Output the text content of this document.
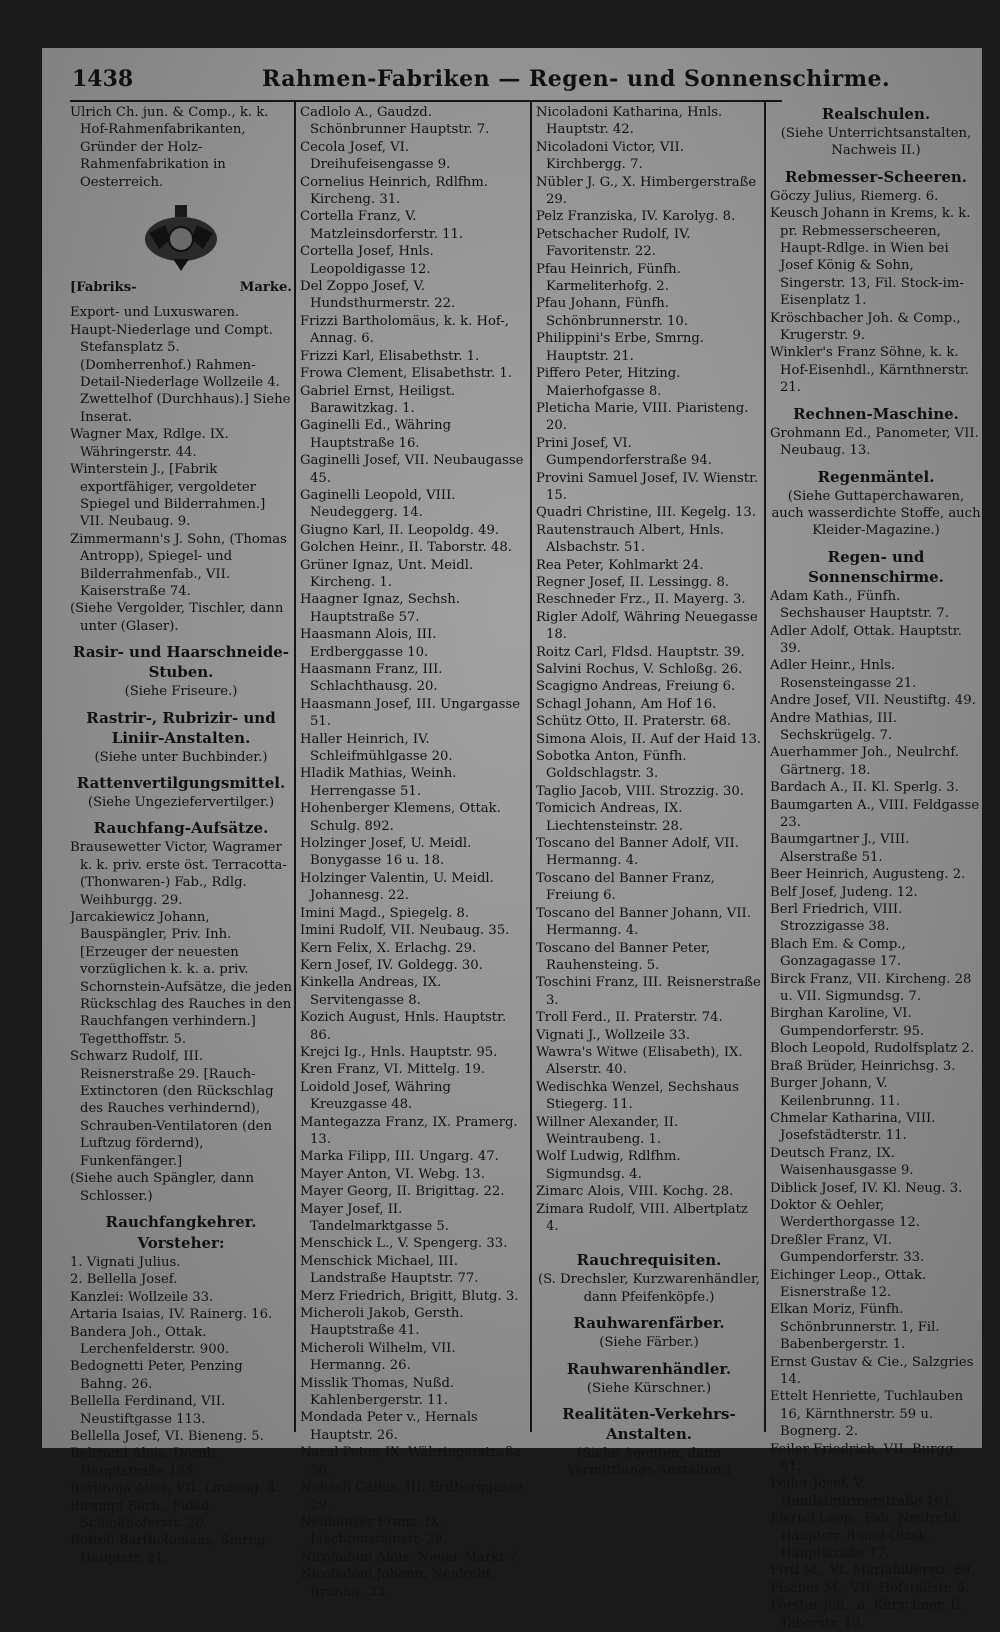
1438	Rahmen-Fabriken — Regen- und Sonnenschirme.

Ulrich Ch. jun. & Comp., k. k. Hof-Rahmenfabrikanten, Gründer der Holz-Rahmenfabrikation in Oesterreich.

[Fabriks-	Marke.

Export- und Luxuswaren.

Haupt-Niederlage und Compt. Stefansplatz 5. (Domherrenhof.) Rahmen-Detail-Niederlage Wollzeile 4. Zwettelhof (Durchhaus).] Siehe Inserat.

Wagner Max, Rdlge. IX. Währingerstr. 44.

Winterstein J., [Fabrik exportfähiger, vergoldeter Spiegel und Bilderrahmen.] VII. Neubaug. 9.

Zimmermann's J. Sohn, (Thomas Antropp), Spiegel- und Bilderrahmenfab., VII. Kaiserstraße 74.

(Siehe Vergolder, Tischler, dann unter (Glaser).

Rasir- und Haarschneide-Stuben.
(Siehe Friseure.)
Rastrir-, Rubrizir- und Liniir-Anstalten.
(Siehe unter Buchbinder.)
Rattenvertilgungsmittel.
(Siehe Ungeziefervertilger.)
Rauchfang-Aufsätze.

Brausewetter Victor, Wagramer k. k. priv. erste öst. Terracotta-(Thonwaren-) Fab., Rdlg. Weihburgg. 29.

Jarcakiewicz Johann, Bauspängler, Priv. Inh. [Erzeuger der neuesten vorzüglichen k. k. a. priv. Schornstein-Aufsätze, die jeden Rückschlag des Rauches in den Rauchfangen verhindern.] Tegetthoffstr. 5.

Schwarz Rudolf, III. Reisnerstraße 29. [Rauch-Extinctoren (den Rückschlag des Rauches verhindernd), Schrauben-Ventilatoren (den Luftzug fördernd), Funkenfänger.]

(Siehe auch Spängler, dann Schlosser.)

Rauchfangkehrer.
Vorsteher:

1. Vignati Julius.

2. Bellella Josef.

Kanzlei: Wollzeile 33.

Artaria Isaias, IV. Rainerg. 16.

Bandera Joh., Ottak. Lerchenfelderstr. 900.

Bedognetti Peter, Penzing Bahng. 26.

Bellella Ferdinand, VII. Neustiftgasse 113.

Bellella Josef, VI. Bieneng. 5.

Beltrami Alois, Dornb. Hauptstraße 135.

Berlinoja Alois, VII. Lindeng. 4.

Birampi Barb., Fldsd. Schloßhoferstr. 20.

Bottoli Bartholomäus, Smrng. Hauptstr. 21.

Cadlolo A., Gaudzd. Schönbrunner Hauptstr. 7.

Cecola Josef, VI. Dreihufeisengasse 9.

Cornelius Heinrich, Rdlfhm. Kircheng. 31.

Cortella Franz, V. Matzleinsdorferstr. 11.

Cortella Josef, Hnls. Leopoldigasse 12.

Del Zoppo Josef, V. Hundsthurmerstr. 22.

Frizzi Bartholomäus, k. k. Hof-, Annag. 6.

Frizzi Karl, Elisabethstr. 1.

Frowa Clement, Elisabethstr. 1.

Gabriel Ernst, Heiligst. Barawitzkag. 1.

Gaginelli Ed., Währing Hauptstraße 16.

Gaginelli Josef, VII. Neubaugasse 45.

Gaginelli Leopold, VIII. Neudeggerg. 14.

Giugno Karl, II. Leopoldg. 49.

Golchen Heinr., II. Taborstr. 48.

Grüner Ignaz, Unt. Meidl. Kircheng. 1.

Haagner Ignaz, Sechsh. Hauptstraße 57.

Haasmann Alois, III. Erdberggasse 10.

Haasmann Franz, III. Schlachthausg. 20.

Haasmann Josef, III. Ungargasse 51.

Haller Heinrich, IV. Schleifmühlgasse 20.

Hladik Mathias, Weinh. Herrengasse 51.

Hohenberger Klemens, Ottak. Schulg. 892.

Holzinger Josef, U. Meidl. Bonygasse 16 u. 18.

Holzinger Valentin, U. Meidl. Johannesg. 22.

Imini Magd., Spiegelg. 8.

Imini Rudolf, VII. Neubaug. 35.

Kern Felix, X. Erlachg. 29.

Kern Josef, IV. Goldegg. 30.

Kinkella Andreas, IX. Servitengasse 8.

Kozich August, Hnls. Hauptstr. 86.

Krejci Ig., Hnls. Hauptstr. 95.

Kren Franz, VI. Mittelg. 19.

Loidold Josef, Währing Kreuzgasse 48.

Mantegazza Franz, IX. Pramerg. 13.

Marka Filipp, III. Ungarg. 47.

Mayer Anton, VI. Webg. 13.

Mayer Georg, II. Brigittag. 22.

Mayer Josef, II. Tandelmarktgasse 5.

Menschick L., V. Spengerg. 33.

Menschick Michael, III. Landstraße Hauptstr. 77.

Merz Friedrich, Brigitt, Blutg. 3.

Micheroli Jakob, Gersth. Hauptstraße 41.

Micheroli Wilhelm, VII. Hermanng. 26.

Misslik Thomas, Nußd. Kahlenbergerstr. 11.

Mondada Peter v., Hernals Hauptstr. 26.

Nazal Peter, IX. Währingerstraße 50.

Nehasil Gallus, III. Erdberggasse 29.

Neuhauser Franz, IX. Liechtensteinstr. 29.

Nicoladoni Alois, Neuer Markt 7.

Nicoladoni Johann, Neulrchf. Brunng. 33.

Nicoladoni Katharina, Hnls. Hauptstr. 42.

Nicoladoni Victor, VII. Kirchbergg. 7.

Nübler J. G., X. Himbergerstraße 29.

Pelz Franziska, IV. Karolyg. 8.

Petschacher Rudolf, IV. Favoritenstr. 22.

Pfau Heinrich, Fünfh. Karmeliterhofg. 2.

Pfau Johann, Fünfh. Schönbrunnerstr. 10.

Philippini's Erbe, Smrng. Hauptstr. 21.

Piffero Peter, Hitzing. Maierhofgasse 8.

Pletichа Marie, VIII. Piaristeng. 20.

Prini Josef, VI. Gumpendorferstraße 94.

Provini Samuel Josef, IV. Wienstr. 15.

Quadri Christine, III. Kegelg. 13.

Rautenstrauch Albert, Hnls. Alsbachstr. 51.

Rea Peter, Kohlmarkt 24.

Regner Josef, II. Lessingg. 8.

Reschneder Frz., II. Mayerg. 3.

Rigler Adolf, Währing Neuegasse 18.

Roitz Carl, Fldsd. Hauptstr. 39.

Salvini Rochus, V. Schloßg. 26.

Scagigno Andreas, Freiung 6.

Schagl Johann, Am Hof 16.

Schütz Otto, II. Praterstr. 68.

Simona Alois, II. Auf der Haid 13.

Sobotka Anton, Fünfh. Goldschlagstr. 3.

Taglio Jacob, VIII. Strozzig. 30.

Tomicich Andreas, IX. Liechtensteinstr. 28.

Toscano del Banner Adolf, VII. Hermanng. 4.

Toscano del Banner Franz, Freiung 6.

Toscano del Banner Johann, VII. Hermanng. 4.

Toscano del Banner Peter, Rauhensteing. 5.

Toschini Franz, III. Reisnerstraße 3.

Troll Ferd., II. Praterstr. 74.

Vignati J., Wollzeile 33.

Wawra's Witwe (Elisabeth), IX. Alserstr. 40.

Wedischka Wenzel, Sechshaus Stiegerg. 11.

Willner Alexander, II. Weintraubeng. 1.

Wolf Ludwig, Rdlfhm. Sigmundsg. 4.

Zimarc Alois, VIII. Kochg. 28.

Zimara Rudolf, VIII. Albertplatz 4.

Rauchrequisiten.
(S. Drechsler, Kurzwarenhändler, dann Pfeifenköpfe.)
Rauhwarenfärber.
(Siehe Färber.)
Rauhwarenhändler.
(Siehe Kürschner.)
Realitäten-Verkehrs-Anstalten.
(Siehe Agenten, dann Vermittlungs-Anstalten.)
Realschulen.
(Siehe Unterrichtsanstalten, Nachweis II.)
Rebmesser-Scheeren.

Göczy Julius, Riemerg. 6.

Keusch Johann in Krems, k. k. pr. Rebmesserscheeren, Haupt-Rdlge. in Wien bei Josef König & Sohn, Singerstr. 13, Fil. Stock-im-Eisenplatz 1.

Kröschbacher Joh. & Comp., Krugerstr. 9.

Winkler's Franz Söhne, k. k. Hof-Eisenhdl., Kärnthnerstr. 21.

Rechnen-Maschine.

Grohmann Ed., Panometer, VII. Neubaug. 13.

Regenmäntel.
(Siehe Guttaperchawaren, auch wasserdichte Stoffe, auch Kleider-Magazine.)
Regen- und Sonnenschirme.

Adam Kath., Fünfh. Sechshauser Hauptstr. 7.

Adler Adolf, Ottak. Hauptstr. 39.

Adler Heinr., Hnls. Rosensteingasse 21.

Andre Josef, VII. Neustiftg. 49.

Andre Mathias, III. Sechskrügelg. 7.

Auerhammer Joh., Neulrchf. Gärtnerg. 18.

Bardach A., II. Kl. Sperlg. 3.

Baumgarten A., VIII. Feldgasse 23.

Baumgartner J., VIII. Alserstraße 51.

Beer Heinrich, Augusteng. 2.

Belf Josef, Judeng. 12.

Berl Friedrich, VIII. Strozzigasse 38.

Blach Em. & Comp., Gonzagagasse 17.

Birck Franz, VII. Kircheng. 28 u. VII. Sigmundsg. 7.

Birghan Karoline, VI. Gumpendorferstr. 95.

Bloch Leopold, Rudolfsplatz 2.

Braß Brüder, Heinrichsg. 3.

Burger Johann, V. Keilenbrunng. 11.

Chmelar Katharina, VIII. Josefstädterstr. 11.

Deutsch Franz, IX. Waisenhausgasse 9.

Diblick Josef, IV. Kl. Neug. 3.

Doktor & Oehler, Werderthorgasse 12.

Dreßler Franz, VI. Gumpendorferstr. 33.

Eichinger Leop., Ottak. Eisnerstraße 12.

Elkan Moriz, Fünfh. Schönbrunnerstr. 1, Fil. Babenbergerstr. 1.

Ernst Gustav & Cie., Salzgries 14.

Ettelt Henriette, Tuchlauben 16, Kärnthnerstr. 59 u. Bognerg. 2.

Feiler Friedrich, VII. Burgg. 61.

Feiler Josef, V. Hundsthurmerstraße 101.

Fiertel Leop., Fab. Neulrchf. Hauptstr. 8 und Ottak. Hauptstraße 17.

Firtl M., VI. Mariahilferstr. 89.

Fischer M., VII. Hofstallstr. 5.

Förster Joh., a. Kürschner, II. Taborstr. 10.
